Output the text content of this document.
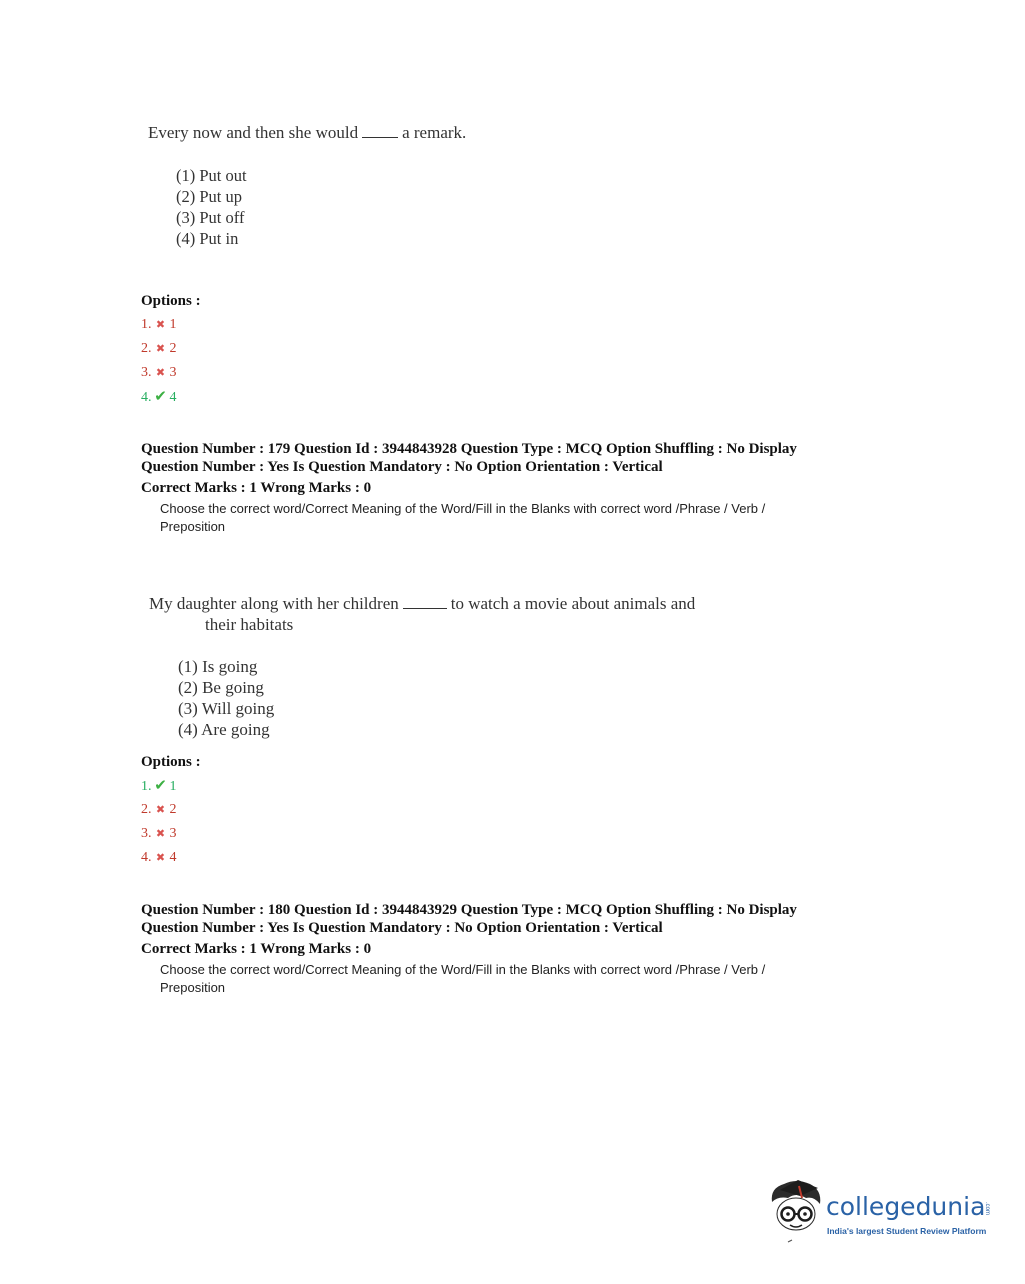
Every now and then she would	a remark.
(1) Put out
(2) Put up
(3) Put off
(4) Put in
Options :
1. ✖ 1
2. ✖ 2
3. ✖ 3
4. ✔ 4
Question Number : 179 Question Id : 3944843928 Question Type : MCQ Option Shuffling : No Display
Question Number : Yes Is Question Mandatory : No Option Orientation : Vertical
Correct Marks : 1 Wrong Marks : 0
Choose the correct word/Correct Meaning of the Word/Fill in the Blanks with correct word /Phrase / Verb /
Preposition
My daughter along with her children	to watch a movie about animals and
their habitats
(1) Is going
(2) Be going
(3) Will going
(4) Are going
Options :
1. ✔ 1
2. ✖ 2
3. ✖ 3
4. ✖ 4
Question Number : 180 Question Id : 3944843929 Question Type : MCQ Option Shuffling : No Display
Question Number : Yes Is Question Mandatory : No Option Orientation : Vertical
Correct Marks : 1 Wrong Marks : 0
Choose the correct word/Correct Meaning of the Word/Fill in the Blanks with correct word /Phrase / Verb /
Preposition
collegedunia
.com
India's largest Student Review Platform
